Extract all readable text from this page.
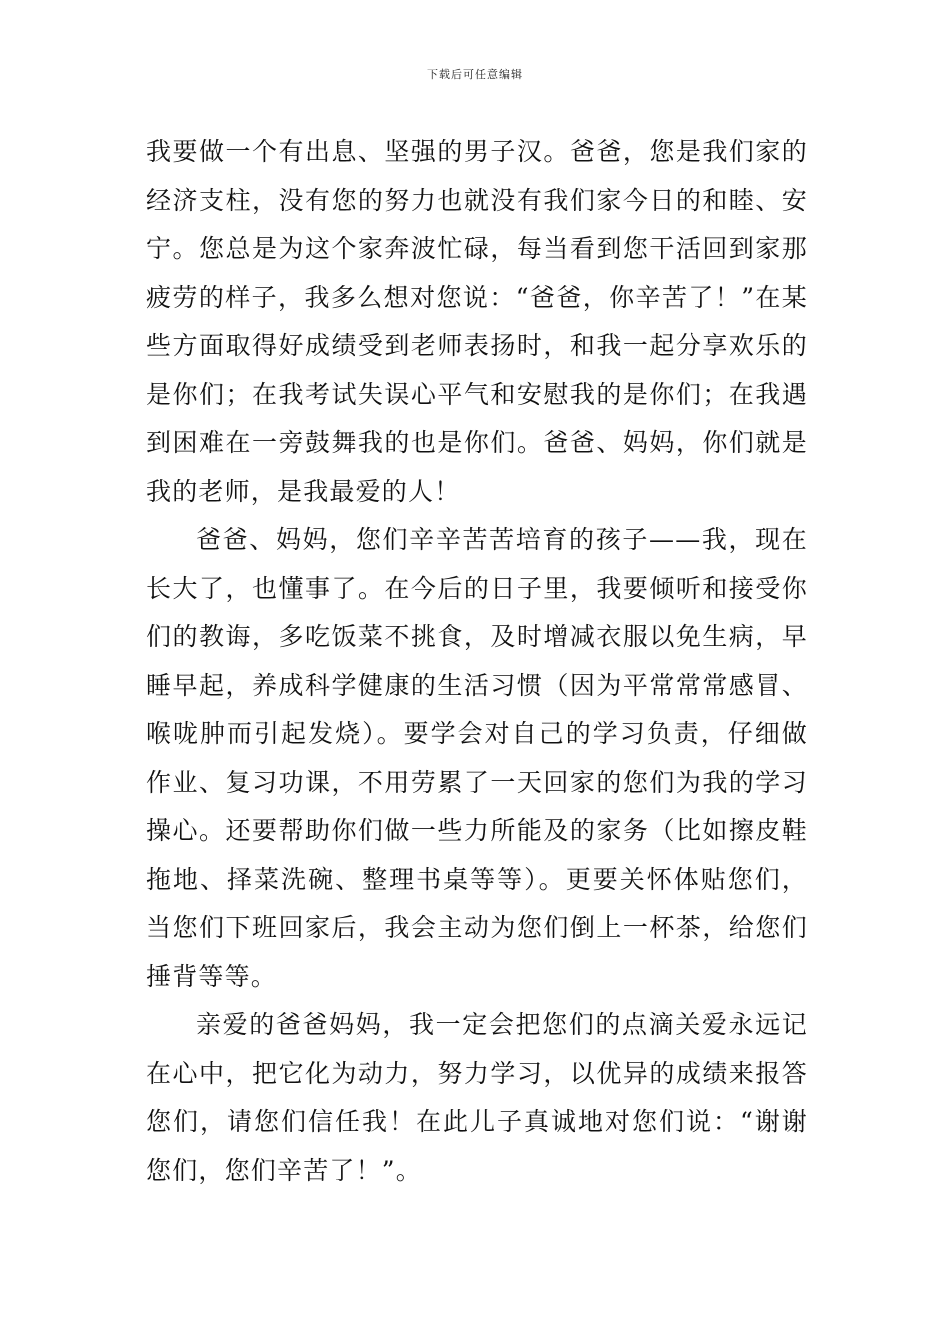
下载后可任意编辑

我要做一个有出息、坚强的男子汉。爸爸，您是我们家的经济支柱，没有您的努力也就没有我们家今日的和睦、安宁。您总是为这个家奔波忙碌，每当看到您干活回到家那疲劳的样子，我多么想对您说：“爸爸，你辛苦了！”在某些方面取得好成绩受到老师表扬时，和我一起分享欢乐的是你们；在我考试失误心平气和安慰我的是你们；在我遇到困难在一旁鼓舞我的也是你们。爸爸、妈妈，你们就是我的老师，是我最爱的人！

爸爸、妈妈，您们辛辛苦苦培育的孩子——我，现在长大了，也懂事了。在今后的日子里，我要倾听和接受你们的教诲，多吃饭菜不挑食，及时增减衣服以免生病，早睡早起，养成科学健康的生活习惯（因为平常常常感冒、喉咙肿而引起发烧）。要学会对自己的学习负责，仔细做作业、复习功课，不用劳累了一天回家的您们为我的学习操心。还要帮助你们做一些力所能及的家务（比如擦皮鞋拖地、择菜洗碗、整理书桌等等）。更要关怀体贴您们，当您们下班回家后，我会主动为您们倒上一杯茶，给您们捶背等等。

亲爱的爸爸妈妈，我一定会把您们的点滴关爱永远记在心中，把它化为动力，努力学习，以优异的成绩来报答您们，请您们信任我！在此儿子真诚地对您们说：“谢谢您们，您们辛苦了！”。
